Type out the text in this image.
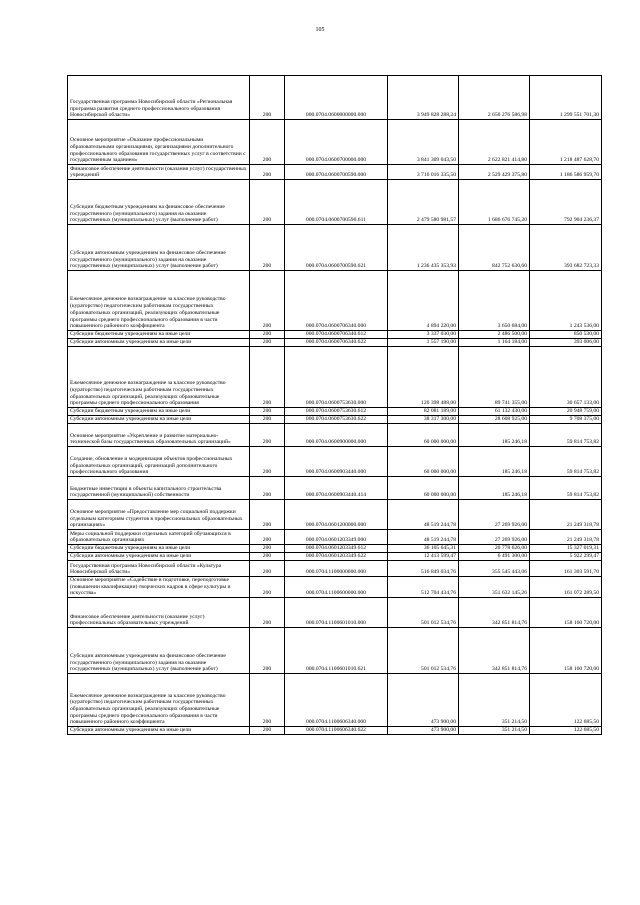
105
Государственная программа Новосибирской области «Региональная программа развития среднего профессионального образования Новосибирской области»	200	000.0704.0600000000.000	3 949 828 288,24	2 650 276 586,98	1 299 551 701,30
Основное мероприятие «Оказание профессиональными образовательными организациями, организациями дополнительного профессионального образования государственных услуг в соответствии с государственным заданием»	200	000.0704.0600700000.000	3 841 309 043,50	2 622 821 414,80	1 218 487 628,70
Финансовое обеспечение деятельности (оказания услуг) государственных учреждений	200	000.0704.0600700590.000	3 716 016 335,50	2 529 429 375,80	1 186 586 959,70
Субсидии бюджетным учреждениям на финансовое обеспечение государственного (муниципального) задания на оказание государственных (муниципальных) услуг (выполнение работ)	200	000.0704.0600700590.611	2 479 580 981,57	1 686 676 745,20	792 904 236,37
Субсидии автономным учреждениям на финансовое обеспечение государственного (муниципального) задания на оказание государственных (муниципальных) услуг (выполнение работ)	200	000.0704.0600700590.621	1 236 435 353,93	842 752 630,60	393 682 723,33
Ежемесячное денежное вознаграждение за классное руководство (кураторство) педагогическим работникам государственных образовательных организаций, реализующих образовательные программы среднего профессионального образования в части повышенного районного коэффициента	200	000.0704.0600706340.000	4 894 220,00	3 650 684,00	1 243 536,00
Субсидии бюджетным учреждениям на иные цели	200	000.0704.0600706340.612	3 337 030,00	2 486 500,00	850 530,00
Субсидии автономным учреждениям на иные цели	200	000.0704.0600706340.622	1 557 190,00	1 164 184,00	393 006,00
Ежемесячное денежное вознаграждение за классное руководство (кураторство) педагогическим работникам государственных образовательных организаций, реализующих образовательные программы среднего профессионального образования	200	000.0704.0600753630.000	120 398 488,00	89 741 355,00	30 657 133,00
Субсидии бюджетным учреждениям на иные цели	200	000.0704.0600753630.612	82 081 189,00	61 132 430,00	20 948 759,00
Субсидии автономным учреждениям на иные цели	200	000.0704.0600753630.622	38 317 300,00	28 608 925,00	9 708 375,00
Основное мероприятие «Укрепление и развитие материально-технической базы государственных образовательных организаций»	200	000.0704.0600900000.000	60 000 000,00	185 246,18	59 814 753,82
Создание, обновление и модернизация объектов профессиональных образовательных организаций, организаций дополнительного профессионального образования	200	000.0704.0600903440.000	60 000 000,00	185 246,18	59 814 753,82
Бюджетные инвестиции в объекты капитального строительства государственной (муниципальной) собственности	200	000.0704.0600903440.414	60 000 000,00	185 246,18	59 814 753,82
Основное мероприятие «Предоставление мер социальной поддержки отдельным категориям студентов в профессиональных образовательных организациях»	200	000.0704.0601200000.000	48 519 244,78	27 269 926,00	21 249 318,78
Меры социальной поддержки отдельных категорий обучающихся в образовательных организациях	200	000.0704.0601203349.000	48 519 244,78	27 269 926,00	21 249 318,78
Субсидии бюджетным учреждениям на иные цели	200	000.0704.0601203349.612	36 105 645,31	20 778 626,00	15 327 019,31
Субсидии автономным учреждениям на иные цели	200	000.0704.0601203349.622	12 413 599,47	6 491 300,00	5 922 299,47
Государственная программа Новосибирской области «Культура Новосибирской области»	200	000.0704.1100000000.000	516 849 034,76	355 545 443,06	161 303 591,70
Основное мероприятие «Содействие в подготовке, переподготовке (повышении квалификации) творческих кадров в сфере культуры и искусства»	200	000.0704.1100600000.000	512 704 434,76	351 632 145,26	161 072 289,50
Финансовое обеспечение деятельности (оказание услуг) профессиональных образовательных учреждений	200	000.0704.1100601010.000	501 012 534,76	342 851 814,76	158 160 720,00
Субсидии автономным учреждениям на финансовое обеспечение государственного (муниципального) задания на оказание государственных (муниципальных) услуг (выполнение работ)	200	000.0704.1100601010.621	501 012 534,76	342 851 814,76	158 160 720,00
Ежемесячное денежное вознаграждение за классное руководство (кураторство) педагогическим работникам государственных образовательных организаций, реализующих образовательные программы среднего профессионального образования в части повышенного районного коэффициента	200	000.0704.1100606340.000	473 900,00	351 214,50	122 685,50
Субсидии автономным учреждениям на иные цели	200	000.0704.1100606340.622	473 900,00	351 214,50	122 685,50
